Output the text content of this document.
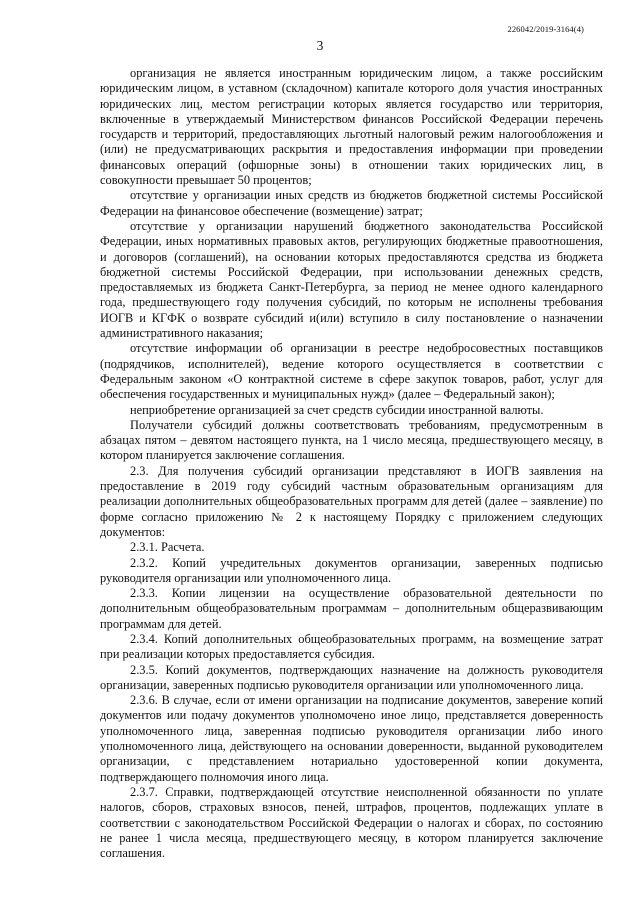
226042/2019-3164(4)
3

организация не является иностранным юридическим лицом, а также российским юридическим лицом, в уставном (складочном) капитале которого доля участия иностранных юридических лиц, местом регистрации которых является государство или территория, включенные в утверждаемый Министерством финансов Российской Федерации перечень государств и территорий, предоставляющих льготный налоговый режим налогообложения и (или) не предусматривающих раскрытия и предоставления информации при проведении финансовых операций (офшорные зоны) в отношении таких юридических лиц, в совокупности превышает 50 процентов;

отсутствие у организации иных средств из бюджетов бюджетной системы Российской Федерации на финансовое обеспечение (возмещение) затрат;

отсутствие у организации нарушений бюджетного законодательства Российской Федерации, иных нормативных правовых актов, регулирующих бюджетные правоотношения, и договоров (соглашений), на основании которых предоставляются средства из бюджета бюджетной системы Российской Федерации, при использовании денежных средств, предоставляемых из бюджета Санкт-Петербурга, за период не менее одного календарного года, предшествующего году получения субсидий, по которым не исполнены требования ИОГВ и КГФК о возврате субсидий и(или) вступило в силу постановление о назначении административного наказания;

отсутствие информации об организации в реестре недобросовестных поставщиков (подрядчиков, исполнителей), ведение которого осуществляется в соответствии с Федеральным законом «О контрактной системе в сфере закупок товаров, работ, услуг для обеспечения государственных и муниципальных нужд» (далее – Федеральный закон);

неприобретение организацией за счет средств субсидии иностранной валюты.

Получатели субсидий должны соответствовать требованиям, предусмотренным в абзацах пятом – девятом настоящего пункта, на 1 число месяца, предшествующего месяцу, в котором планируется заключение соглашения.

2.3. Для получения субсидий организации представляют в ИОГВ заявления на предоставление в 2019 году субсидий частным образовательным организациям для реализации дополнительных общеобразовательных программ для детей (далее – заявление) по форме согласно приложению № 2 к настоящему Порядку с приложением следующих документов:

2.3.1. Расчета.

2.3.2. Копий учредительных документов организации, заверенных подписью руководителя организации или уполномоченного лица.

2.3.3. Копии лицензии на осуществление образовательной деятельности по дополнительным общеобразовательным программам – дополнительным общеразвивающим программам для детей.

2.3.4. Копий дополнительных общеобразовательных программ, на возмещение затрат при реализации которых предоставляется субсидия.

2.3.5. Копий документов, подтверждающих назначение на должность руководителя организации, заверенных подписью руководителя организации или уполномоченного лица.

2.3.6. В случае, если от имени организации на подписание документов, заверение копий документов или подачу документов уполномочено иное лицо, представляется доверенность уполномоченного лица, заверенная подписью руководителя организации либо иного уполномоченного лица, действующего на основании доверенности, выданной руководителем организации, с представлением нотариально удостоверенной копии документа, подтверждающего полномочия иного лица.

2.3.7. Справки, подтверждающей отсутствие неисполненной обязанности по уплате налогов, сборов, страховых взносов, пеней, штрафов, процентов, подлежащих уплате в соответствии с законодательством Российской Федерации о налогах и сборах, по состоянию не ранее 1 числа месяца, предшествующего месяцу, в котором планируется заключение соглашения.
